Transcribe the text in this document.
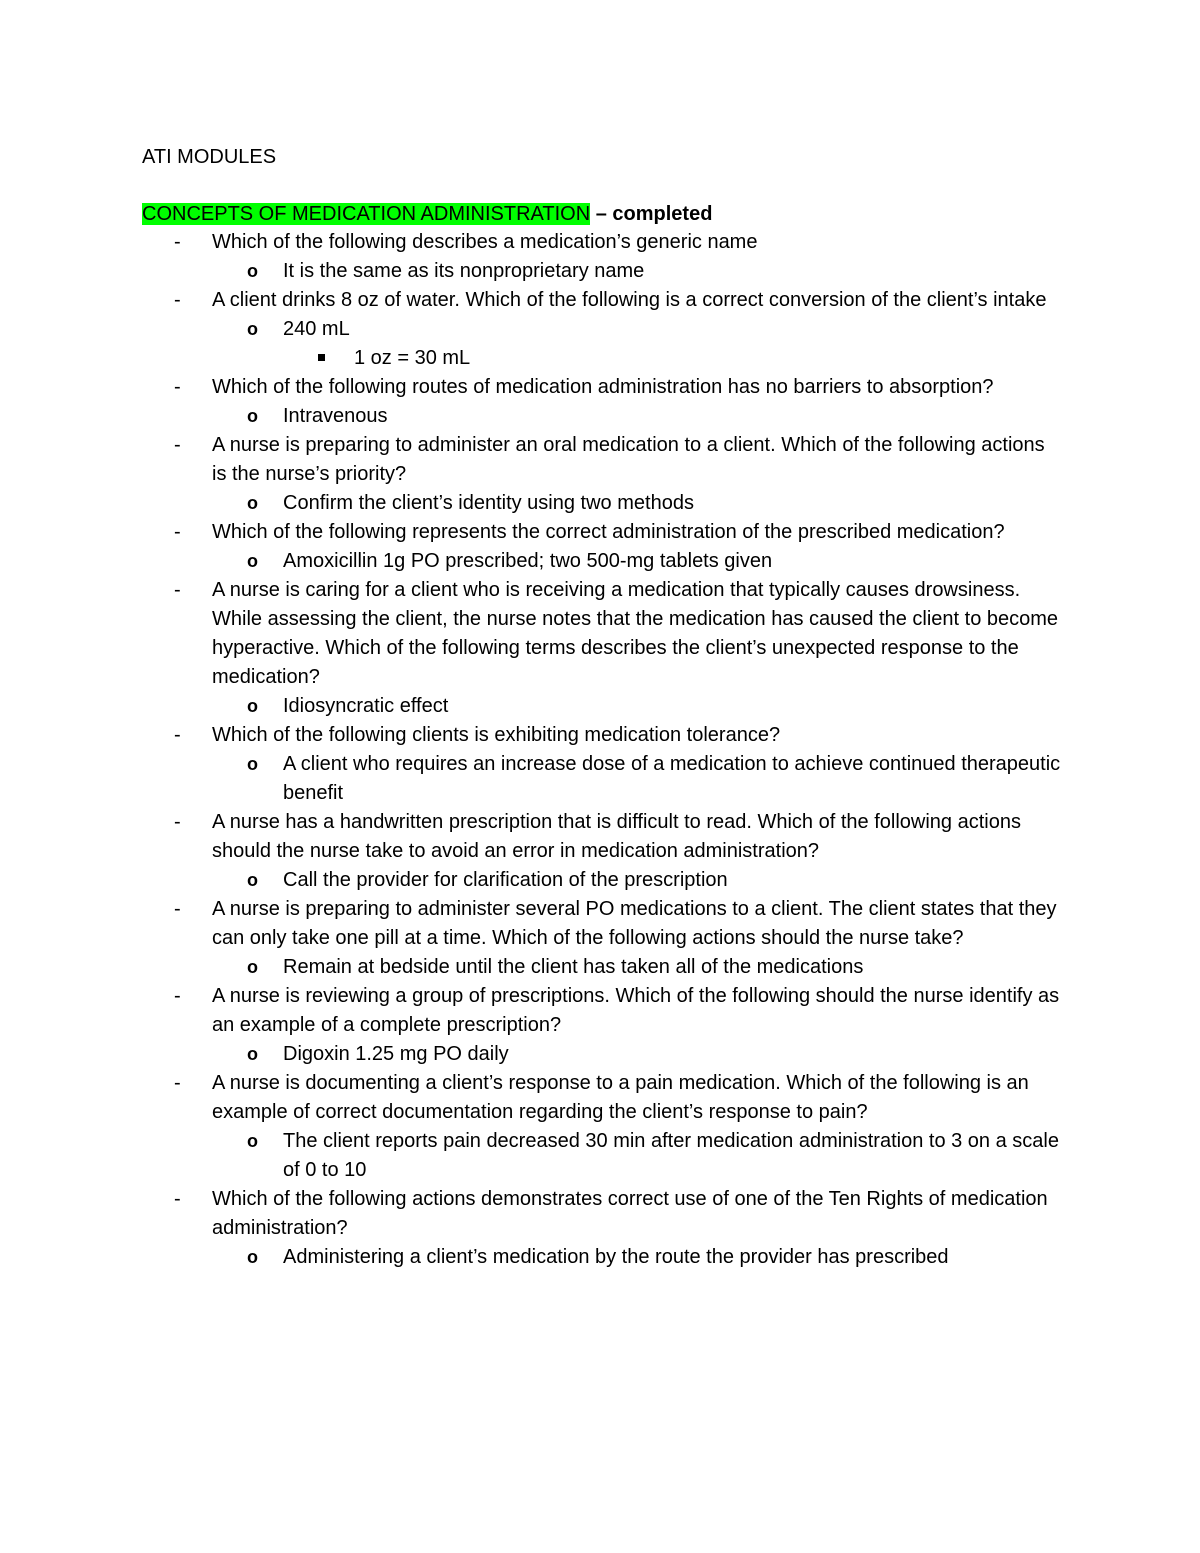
ATI MODULES
CONCEPTS OF MEDICATION ADMINISTRATION – completed
- Which of the following describes a medication’s generic name
o It is the same as its nonproprietary name
- A client drinks 8 oz of water. Which of the following is a correct conversion of the client’s intake
o 240 mL
1 oz = 30 mL
- Which of the following routes of medication administration has no barriers to absorption?
o Intravenous
- A nurse is preparing to administer an oral medication to a client. Which of the following actions is the nurse’s priority?
o Confirm the client’s identity using two methods
- Which of the following represents the correct administration of the prescribed medication?
o Amoxicillin 1g PO prescribed; two 500-mg tablets given
- A nurse is caring for a client who is receiving a medication that typically causes drowsiness. While assessing the client, the nurse notes that the medication has caused the client to become hyperactive. Which of the following terms describes the client’s unexpected response to the medication?
o Idiosyncratic effect
- Which of the following clients is exhibiting medication tolerance?
o A client who requires an increase dose of a medication to achieve continued therapeutic benefit
- A nurse has a handwritten prescription that is difficult to read. Which of the following actions should the nurse take to avoid an error in medication administration?
o Call the provider for clarification of the prescription
- A nurse is preparing to administer several PO medications to a client. The client states that they can only take one pill at a time. Which of the following actions should the nurse take?
o Remain at bedside until the client has taken all of the medications
- A nurse is reviewing a group of prescriptions. Which of the following should the nurse identify as an example of a complete prescription?
o Digoxin 1.25 mg PO daily
- A nurse is documenting a client’s response to a pain medication. Which of the following is an example of correct documentation regarding the client’s response to pain?
o The client reports pain decreased 30 min after medication administration to 3 on a scale of 0 to 10
- Which of the following actions demonstrates correct use of one of the Ten Rights of medication administration?
o Administering a client’s medication by the route the provider has prescribed
